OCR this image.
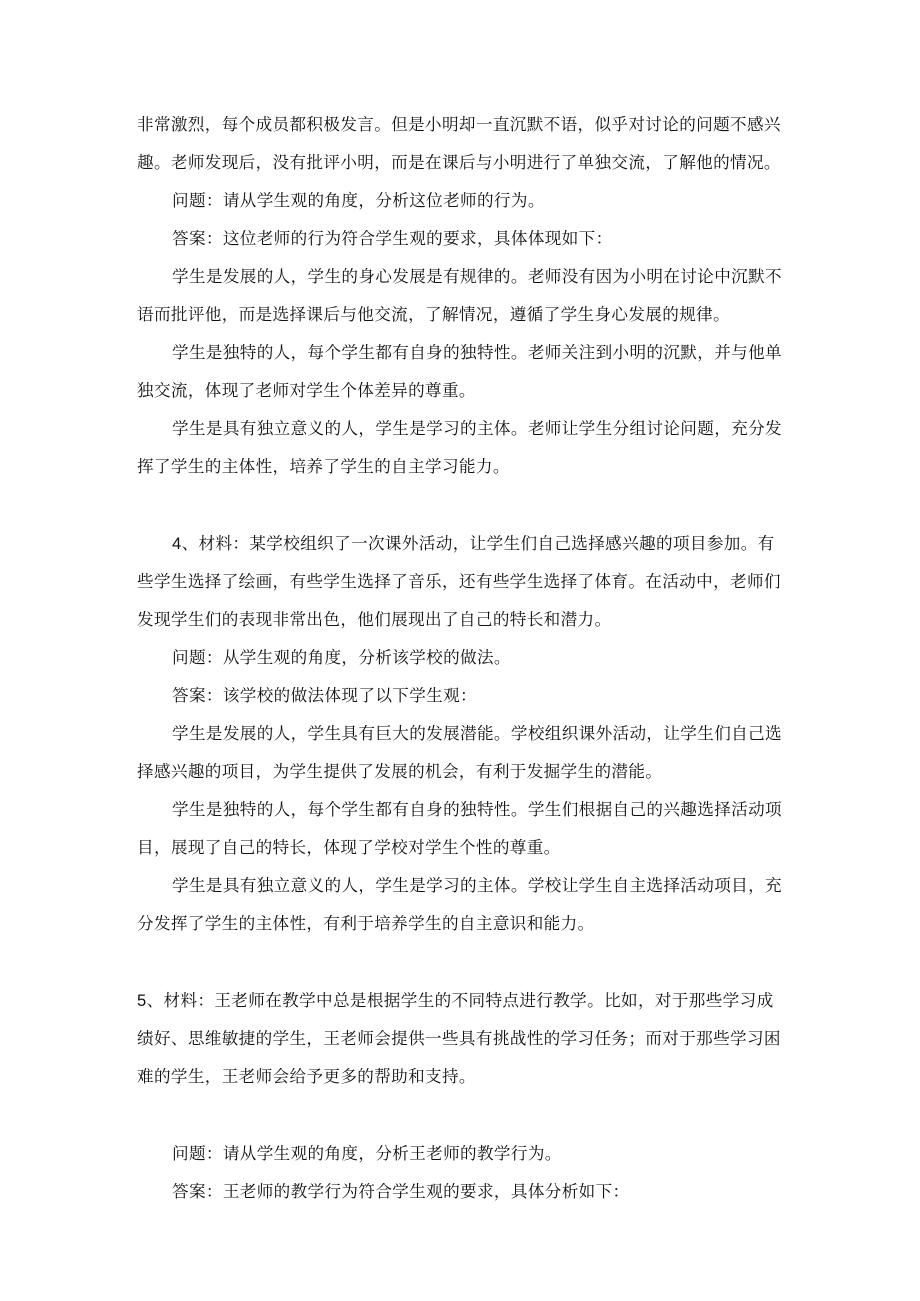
非常激烈，每个成员都积极发言。但是小明却一直沉默不语，似乎对讨论的问题不感兴
趣。老师发现后，没有批评小明，而是在课后与小明进行了单独交流，了解他的情况。
问题：请从学生观的角度，分析这位老师的行为。
答案：这位老师的行为符合学生观的要求，具体体现如下：
学生是发展的人，学生的身心发展是有规律的。老师没有因为小明在讨论中沉默不
语而批评他，而是选择课后与他交流，了解情况，遵循了学生身心发展的规律。
学生是独特的人，每个学生都有自身的独特性。老师关注到小明的沉默，并与他单
独交流，体现了老师对学生个体差异的尊重。
学生是具有独立意义的人，学生是学习的主体。老师让学生分组讨论问题，充分发
挥了学生的主体性，培养了学生的自主学习能力。
4、材料：某学校组织了一次课外活动，让学生们自己选择感兴趣的项目参加。有
些学生选择了绘画，有些学生选择了音乐，还有些学生选择了体育。在活动中，老师们
发现学生们的表现非常出色，他们展现出了自己的特长和潜力。
问题：从学生观的角度，分析该学校的做法。
答案：该学校的做法体现了以下学生观：
学生是发展的人，学生具有巨大的发展潜能。学校组织课外活动，让学生们自己选
择感兴趣的项目，为学生提供了发展的机会，有利于发掘学生的潜能。
学生是独特的人，每个学生都有自身的独特性。学生们根据自己的兴趣选择活动项
目，展现了自己的特长，体现了学校对学生个性的尊重。
学生是具有独立意义的人，学生是学习的主体。学校让学生自主选择活动项目，充
分发挥了学生的主体性，有利于培养学生的自主意识和能力。
5、材料：王老师在教学中总是根据学生的不同特点进行教学。比如，对于那些学习成
绩好、思维敏捷的学生，王老师会提供一些具有挑战性的学习任务；而对于那些学习困
难的学生，王老师会给予更多的帮助和支持。
问题：请从学生观的角度，分析王老师的教学行为。
答案：王老师的教学行为符合学生观的要求，具体分析如下：
